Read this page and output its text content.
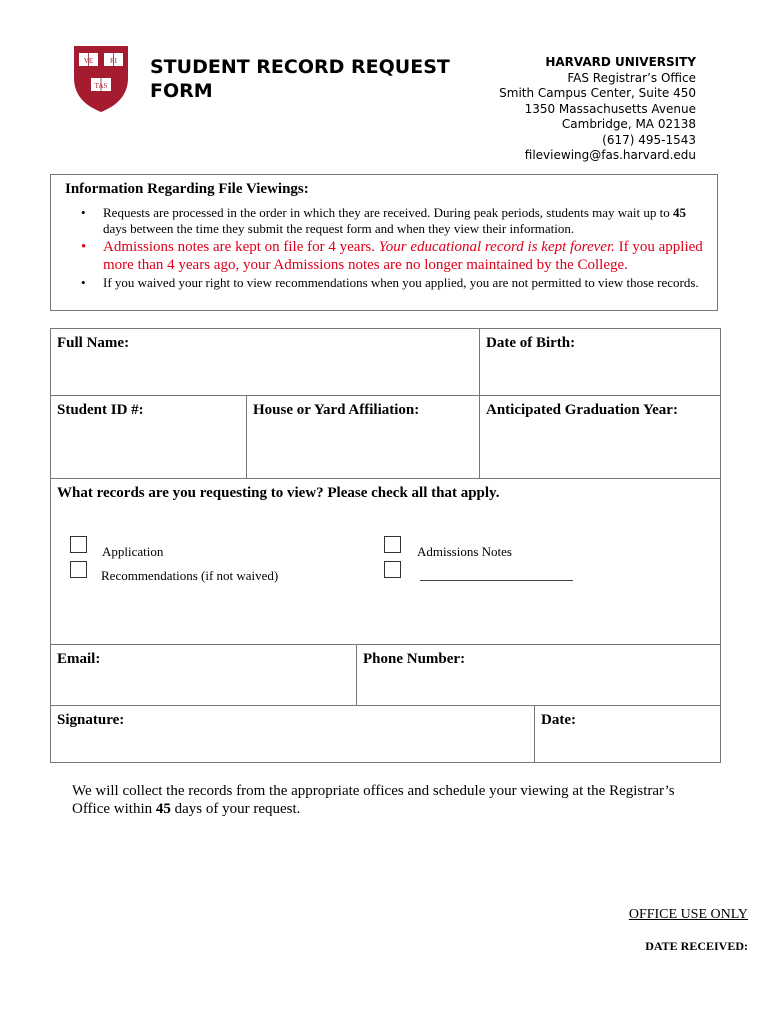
VE RI
TAS
STUDENT RECORD REQUEST
FORM
HARVARD UNIVERSITY
FAS Registrar’s Office
Smith Campus Center, Suite 450
1350 Massachusetts Avenue
Cambridge, MA 02138
(617) 495-1543
fileviewing@fas.harvard.edu
Information Regarding File Viewings:
• Requests are processed in the order in which they are received. During peak periods, students may wait up to 45 days between the time they submit the request form and when they view their information.
• Admissions notes are kept on file for 4 years. Your educational record is kept forever. If you applied more than 4 years ago, your Admissions notes are no longer maintained by the College.
• If you waived your right to view recommendations when you applied, you are not permitted to view those records.
Full Name:	Date of Birth:
Student ID #:	House or Yard Affiliation:	Anticipated Graduation Year:
What records are you requesting to view? Please check all that apply.
Application
Recommendations (if not waived)
Admissions Notes
Email:	Phone Number:
Signature:	Date:
We will collect the records from the appropriate offices and schedule your viewing at the Registrar’s Office within 45 days of your request.
OFFICE USE ONLY
DATE RECEIVED:
